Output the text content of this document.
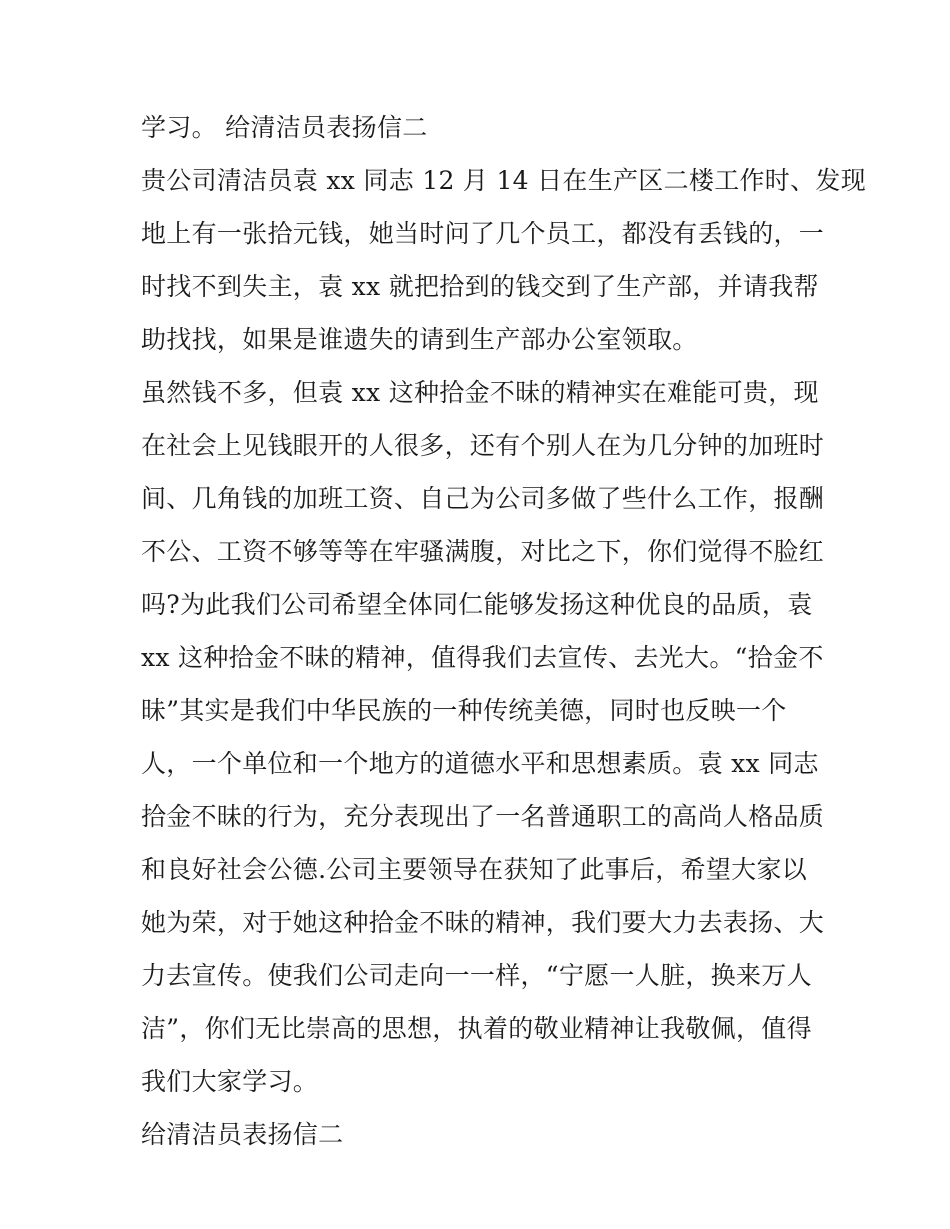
学习。 给清洁员表扬信二
贵公司清洁员袁 xx 同志 12 月 14 日在生产区二楼工作时、发现
地上有一张拾元钱，她当时问了几个员工，都没有丢钱的，一
时找不到失主，袁 xx 就把拾到的钱交到了生产部，并请我帮
助找找，如果是谁遗失的请到生产部办公室领取。
虽然钱不多，但袁 xx 这种拾金不昧的精神实在难能可贵，现
在社会上见钱眼开的人很多，还有个别人在为几分钟的加班时
间、几角钱的加班工资、自己为公司多做了些什么工作，报酬
不公、工资不够等等在牢骚满腹，对比之下，你们觉得不脸红
吗?为此我们公司希望全体同仁能够发扬这种优良的品质，袁
xx 这种拾金不昧的精神，值得我们去宣传、去光大。“拾金不
昧”其实是我们中华民族的一种传统美德，同时也反映一个
人，一个单位和一个地方的道德水平和思想素质。袁 xx 同志
拾金不昧的行为，充分表现出了一名普通职工的高尚人格品质
和良好社会公德.公司主要领导在获知了此事后，希望大家以
她为荣，对于她这种拾金不昧的精神，我们要大力去表扬、大
力去宣传。使我们公司走向一一样，“宁愿一人脏，换来万人
洁”，你们无比崇高的思想，执着的敬业精神让我敬佩，值得
我们大家学习。
给清洁员表扬信二
